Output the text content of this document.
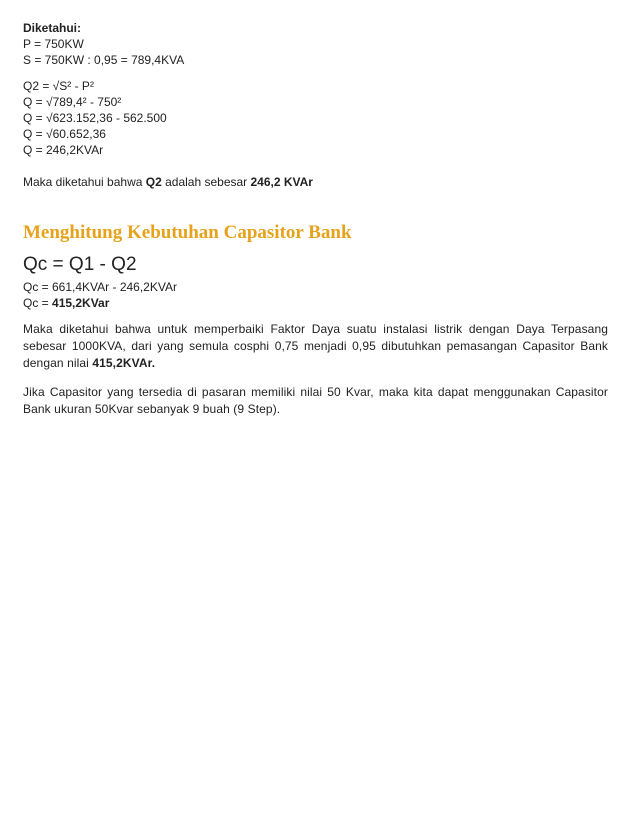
Diketahui:
P = 750KW
S = 750KW : 0,95 = 789,4KVA
Q2 = √S² - P²
Q = √789,4² - 750²
Q = √623.152,36 - 562.500
Q = √60.652,36
Q = 246,2KVAr
Maka diketahui bahwa Q2 adalah sebesar 246,2 KVAr
Menghitung Kebutuhan Capasitor Bank
Qc = Q1 - Q2
Qc = 661,4KVAr - 246,2KVAr
Qc = 415,2KVar
Maka diketahui bahwa untuk memperbaiki Faktor Daya suatu instalasi listrik dengan Daya Terpasang sebesar 1000KVA, dari yang semula cosphi 0,75 menjadi 0,95 dibutuhkan pemasangan Capasitor Bank dengan nilai 415,2KVAr.
Jika Capasitor yang tersedia di pasaran memiliki nilai 50 Kvar, maka kita dapat menggunakan Capasitor Bank ukuran 50Kvar sebanyak 9 buah (9 Step).
